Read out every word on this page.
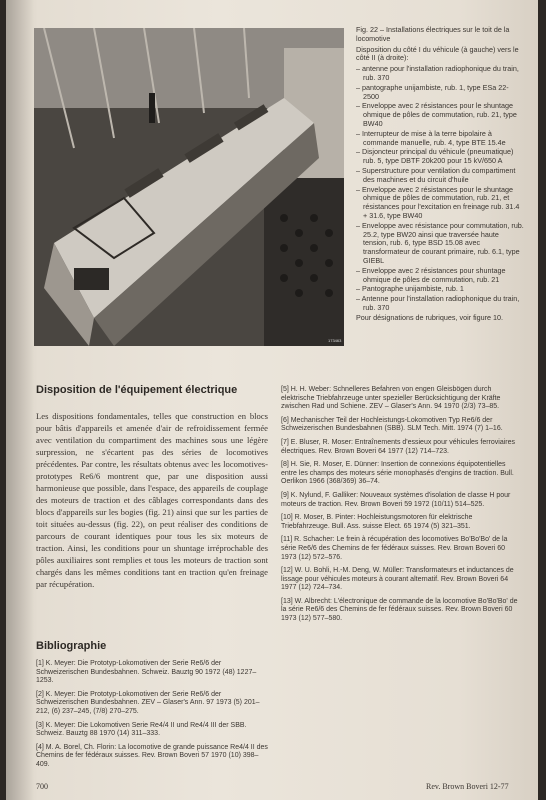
173463

Fig. 22 – Installations électriques sur le toit de la locomotive

Disposition du côté I du véhicule (à gauche) vers le côté II (à droite):

– antenne pour l'installation radiophonique du train, rub. 370
– pantographe unijambiste, rub. 1, type ESa 22-2500
– Enveloppe avec 2 résistances pour le shuntage ohmique de pôles de commutation, rub. 21, type BW40
– Interrupteur de mise à la terre bipolaire à commande manuelle, rub. 4, type BTE 15.4e
– Disjoncteur principal du véhicule (pneumatique) rub. 5, type DBTF 20k200 pour 15 kV/650 A
– Superstructure pour ventilation du compartiment des machines et du circuit d'huile
– Enveloppe avec 2 résistances pour le shuntage ohmique de pôles de commutation, rub. 21, et résistances pour l'excitation en freinage rub. 31.4 + 31.6, type BW40
– Enveloppe avec résistance pour commutation, rub. 25.2, type BW20 ainsi que traversée haute tension, rub. 6, type BSD 15.08 avec transformateur de courant primaire, rub. 6.1, type GIEBL
– Enveloppe avec 2 résistances pour shuntage ohmique de pôles de commutation, rub. 21
– Pantographe unijambiste, rub. 1
– Antenne pour l'installation radiophonique du train, rub. 370

Pour désignations de rubriques, voir figure 10.

Disposition de l'équipement électrique
Les dispositions fondamentales, telles que construction en blocs pour bâtis d'appareils et amenée d'air de refroidissement fermée avec ventilation du compartiment des machines sous une légère surpression, ne s'écartent pas des séries de locomotives précédentes. Par contre, les résultats obtenus avec les locomotives-prototypes Re6/6 montrent que, par une disposition aussi harmonieuse que possible, dans l'espace, des appareils de couplage des moteurs de traction et des câblages correspondants dans des blocs d'appareils sur les bogies (fig. 21) ainsi que sur les parties de toit situées au-dessus (fig. 22), on peut réaliser des conditions de parcours de courant identiques pour tous les six moteurs de traction. Ainsi, les conditions pour un shuntage irréprochable des pôles auxiliaires sont remplies et tous les moteurs de traction sont chargés dans les mêmes conditions tant en traction qu'en freinage par récupération.
Bibliographie

[1] K. Meyer: Die Prototyp-Lokomotiven der Serie Re6/6 der Schweizerischen Bundesbahnen. Schweiz. Bauztg 90 1972 (48) 1227–1253.

[2] K. Meyer: Die Prototyp-Lokomotiven der Serie Re6/6 der Schweizerischen Bundesbahnen. ZEV – Glaser's Ann. 97 1973 (5) 201–212, (6) 237–245, (7/8) 270–275.

[3] K. Meyer: Die Lokomotiven Serie Re4/4 II und Re4/4 III der SBB. Schweiz. Bauztg 88 1970 (14) 311–333.

[4] M. A. Borel, Ch. Florin: La locomotive de grande puissance Re4/4 II des Chemins de fer fédéraux suisses. Rev. Brown Boveri 57 1970 (10) 398–409.

[5] H. H. Weber: Schnelleres Befahren von engen Gleisbögen durch elektrische Triebfahrzeuge unter spezieller Berücksichtigung der Kräfte zwischen Rad und Schiene. ZEV – Glaser's Ann. 94 1970 (2/3) 73–85.

[6] Mechanischer Teil der Hochleistungs-Lokomotiven Typ Re6/6 der Schweizerischen Bundesbahnen (SBB). SLM Tech. Mitt. 1974 (7) 1–16.

[7] E. Bluser, R. Moser: Entraînements d'essieux pour véhicules ferroviaires électriques. Rev. Brown Boveri 64 1977 (12) 714–723.

[8] H. Sie, R. Moser, E. Dünner: Insertion de connexions équipotentielles entre les champs des moteurs série monophasés d'engins de traction. Bull. Oerlikon 1966 (368/369) 36–74.

[9] K. Nylund, F. Galliker: Nouveaux systèmes d'isolation de classe H pour moteurs de traction. Rev. Brown Boveri 59 1972 (10/11) 514–525.

[10] R. Moser, B. Pinter: Hochleistungsmotoren für elektrische Triebfahrzeuge. Bull. Ass. suisse Elect. 65 1974 (5) 321–351.

[11] R. Schacher: Le frein à récupération des locomotives Bo'Bo'Bo' de la série Re6/6 des Chemins de fer fédéraux suisses. Rev. Brown Boveri 60 1973 (12) 572–576.

[12] W. U. Bohli, H.-M. Deng, W. Müller: Transformateurs et inductances de lissage pour véhicules moteurs à courant alternatif. Rev. Brown Boveri 64 1977 (12) 724–734.

[13] W. Albrecht: L'électronique de commande de la locomotive Bo'Bo'Bo' de la série Re6/6 des Chemins de fer fédéraux suisses. Rev. Brown Boveri 60 1973 (12) 577–580.

700	Rev. Brown Boveri 12-77
